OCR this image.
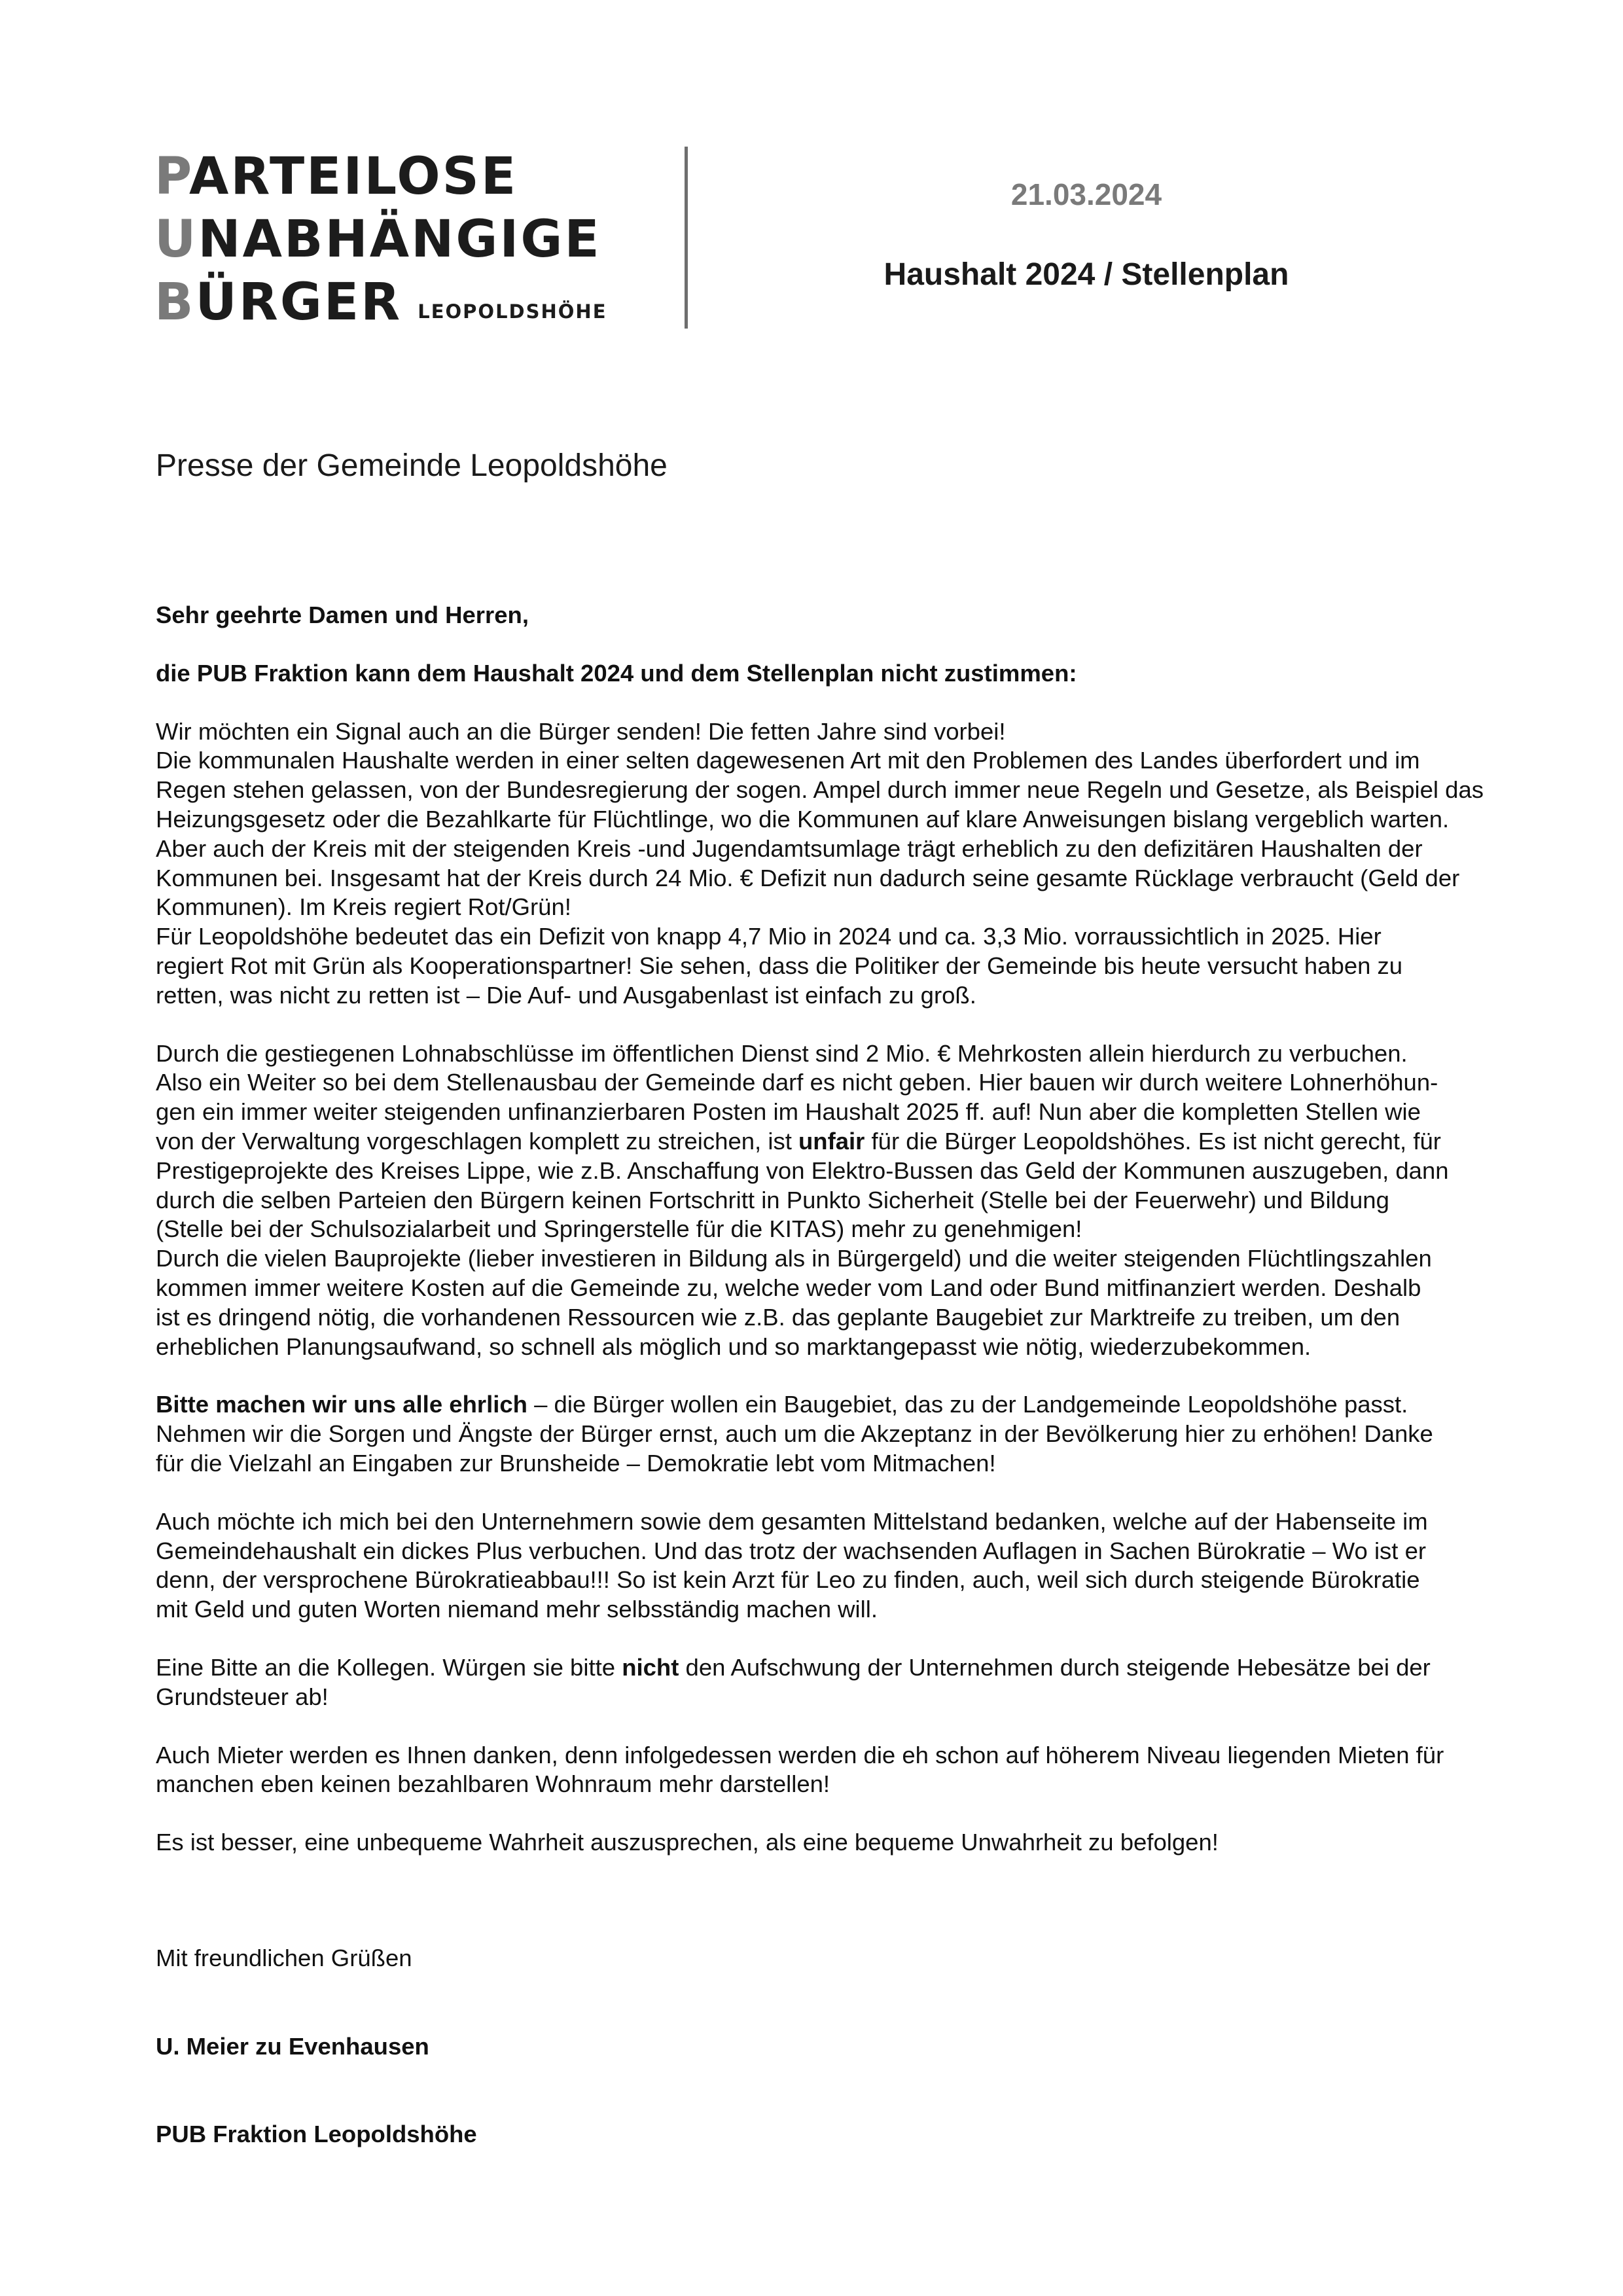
PARTEILOSE
UNABHÄNGIGE
BÜRGER LEOPOLDSHÖHE
21.03.2024
Haushalt 2024 / Stellenplan
Presse der Gemeinde Leopoldshöhe

Sehr geehrte Damen und Herren,

die PUB Fraktion kann dem Haushalt 2024 und dem Stellenplan nicht zustimmen:

Wir möchten ein Signal auch an die Bürger senden! Die fetten Jahre sind vorbei!

Die kommunalen Haushalte werden in einer selten dagewesenen Art mit den Problemen des Landes überfordert und im

Regen stehen gelassen, von der Bundesregierung der sogen. Ampel durch immer neue Regeln und Gesetze, als Beispiel das

Heizungsgesetz oder die Bezahlkarte für Flüchtlinge, wo die Kommunen auf klare Anweisungen bislang vergeblich warten.

Aber auch der Kreis mit der steigenden Kreis -und Jugendamtsumlage trägt erheblich zu den defizitären Haushalten der

Kommunen bei. Insgesamt hat der Kreis durch 24 Mio. € Defizit nun dadurch seine gesamte Rücklage verbraucht (Geld der

Kommunen). Im Kreis regiert Rot/Grün!

Für Leopoldshöhe bedeutet das ein Defizit von knapp 4,7 Mio in 2024 und ca. 3,3 Mio. vorraussichtlich in 2025. Hier

regiert Rot mit Grün als Kooperationspartner! Sie sehen, dass die Politiker der Gemeinde bis heute versucht haben zu

retten, was nicht zu retten ist – Die Auf- und Ausgabenlast ist einfach zu groß.

Durch die gestiegenen Lohnabschlüsse im öffentlichen Dienst sind 2 Mio. € Mehrkosten allein hierdurch zu verbuchen.

Also ein Weiter so bei dem Stellenausbau der Gemeinde darf es nicht geben. Hier bauen wir durch weitere Lohnerhöhun-

gen ein immer weiter steigenden unfinanzierbaren Posten im Haushalt 2025 ff. auf! Nun aber die kompletten Stellen wie

von der Verwaltung vorgeschlagen komplett zu streichen, ist unfair für die Bürger Leopoldshöhes. Es ist nicht gerecht, für

Prestigeprojekte des Kreises Lippe, wie z.B. Anschaffung von Elektro-Bussen das Geld der Kommunen auszugeben, dann

durch die selben Parteien den Bürgern keinen Fortschritt in Punkto Sicherheit (Stelle bei der Feuerwehr) und Bildung

(Stelle bei der Schulsozialarbeit und Springerstelle für die KITAS) mehr zu genehmigen!

Durch die vielen Bauprojekte (lieber investieren in Bildung als in Bürgergeld) und die weiter steigenden Flüchtlingszahlen

kommen immer weitere Kosten auf die Gemeinde zu, welche weder vom Land oder Bund mitfinanziert werden. Deshalb

ist es dringend nötig, die vorhandenen Ressourcen wie z.B. das geplante Baugebiet zur Marktreife zu treiben, um den

erheblichen Planungsaufwand, so schnell als möglich und so marktangepasst wie nötig, wiederzubekommen.

Bitte machen wir uns alle ehrlich – die Bürger wollen ein Baugebiet, das zu der Landgemeinde Leopoldshöhe passt.

Nehmen wir die Sorgen und Ängste der Bürger ernst, auch um die Akzeptanz in der Bevölkerung hier zu erhöhen! Danke

für die Vielzahl an Eingaben zur Brunsheide – Demokratie lebt vom Mitmachen!

Auch möchte ich mich bei den Unternehmern sowie dem gesamten Mittelstand bedanken, welche auf der Habenseite im

Gemeindehaushalt ein dickes Plus verbuchen. Und das trotz der wachsenden Auflagen in Sachen Bürokratie – Wo ist er

denn, der versprochene Bürokratieabbau!!! So ist kein Arzt für Leo zu finden, auch, weil sich durch steigende Bürokratie

mit Geld und guten Worten niemand mehr selbsständig machen will.

Eine Bitte an die Kollegen. Würgen sie bitte nicht den Aufschwung der Unternehmen durch steigende Hebesätze bei der

Grundsteuer ab!

Auch Mieter werden es Ihnen danken, denn infolgedessen werden die eh schon auf höherem Niveau liegenden Mieten für

manchen eben keinen bezahlbaren Wohnraum mehr darstellen!

Es ist besser, eine unbequeme Wahrheit auszusprechen, als eine bequeme Unwahrheit zu befolgen!

Mit freundlichen Grüßen

U. Meier zu Evenhausen

PUB Fraktion Leopoldshöhe
